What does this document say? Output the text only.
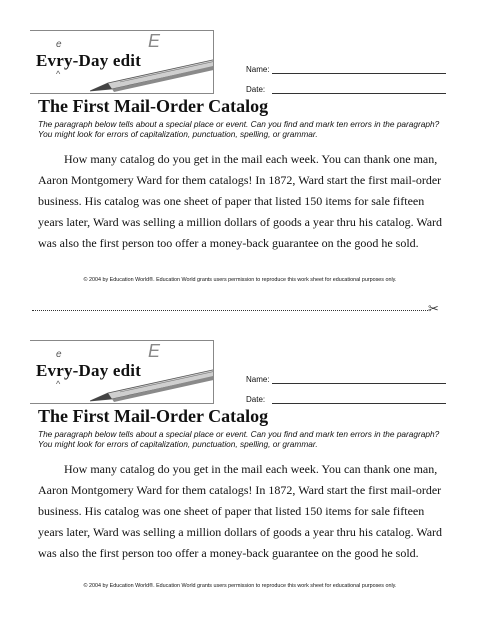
e
^
E
Evry-Day edit	Name:
Date:
The First Mail-Order Catalog
The paragraph below tells about a special place or event. Can you find and mark ten errors in the paragraph? You might look for errors of capitalization, punctuation, spelling, or grammar.
How many catalog do you get in the mail each week. You can thank one man, Aaron Montgomery Ward for them catalogs! In 1872, Ward start the first mail-order business. His catalog was one sheet of paper that listed 150 items for sale fifteen years later, Ward was selling a million dollars of goods a year thru his catalog. Ward was also the first person too offer a money-back guarantee on the good he sold.
© 2004 by Education World®. Education World grants users permission to reproduce this work sheet for educational purposes only.
✂
e
^
E
Evry-Day edit	Name:
Date:
The First Mail-Order Catalog
The paragraph below tells about a special place or event. Can you find and mark ten errors in the paragraph? You might look for errors of capitalization, punctuation, spelling, or grammar.
How many catalog do you get in the mail each week. You can thank one man, Aaron Montgomery Ward for them catalogs! In 1872, Ward start the first mail-order business. His catalog was one sheet of paper that listed 150 items for sale fifteen years later, Ward was selling a million dollars of goods a year thru his catalog. Ward was also the first person too offer a money-back guarantee on the good he sold.
© 2004 by Education World®. Education World grants users permission to reproduce this work sheet for educational purposes only.
